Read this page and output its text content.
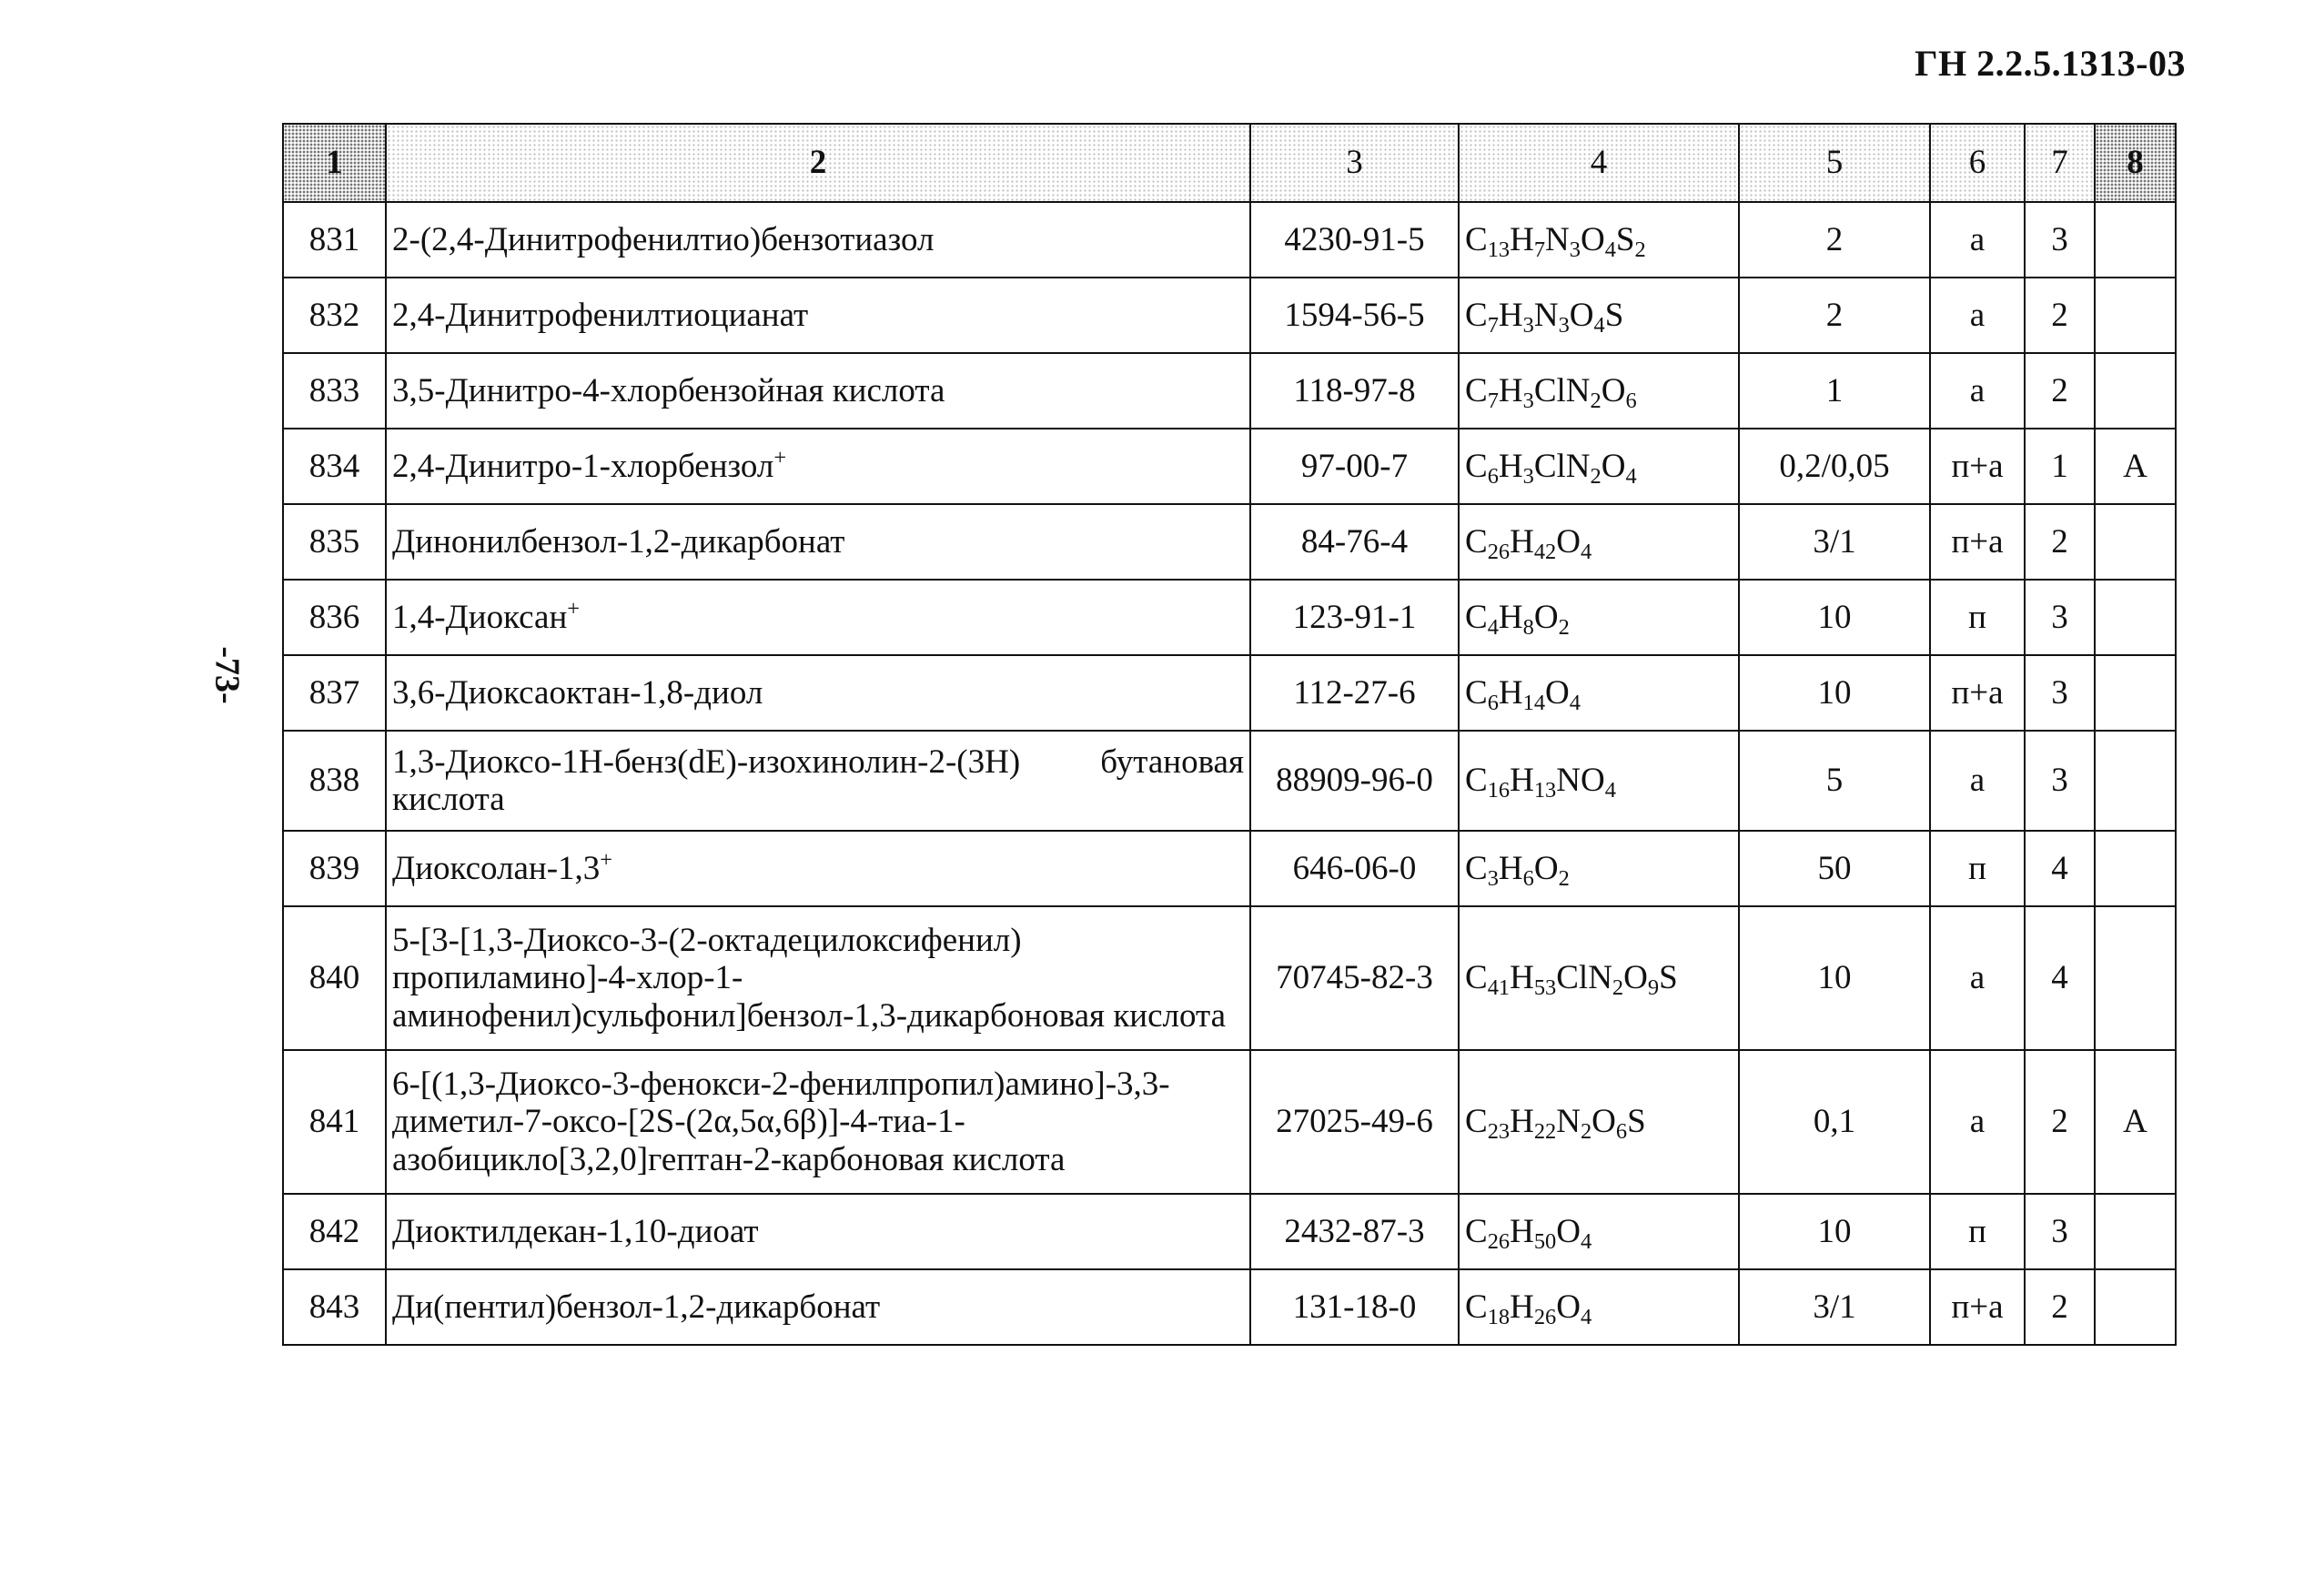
ГН 2.2.5.1313-03
-73-
1	2	3	4	5	6	7	8
831	2-(2,4-Динитрофенилтио)бензотиазол	4230-91-5	$C_{13}H_7N_3O_4S_2$	2	а	3	
832	2,4-Динитрофенилтиоцианат	1594-56-5	$C_7H_3N_3O_4S$	2	а	2	
833	3,5-Динитро-4-хлорбензойная кислота	118-97-8	$C_7H_3ClN_2O_6$	1	а	2	
834	2,4-Динитро-1-хлорбензол+	97-00-7	$C_6H_3ClN_2O_4$	0,2/0,05	п+а	1	А
835	Динонилбензол-1,2-дикарбонат	84-76-4	$C_{26}H_{42}O_4$	3/1	п+а	2	
836	1,4-Диоксан+	123-91-1	$C_4H_8O_2$	10	п	3	
837	3,6-Диоксаоктан-1,8-диол	112-27-6	$C_6H_{14}O_4$	10	п+а	3	
838	1,3-Диоксо-1Н-бенз(dЕ)-изохинолин-2-(3Н) бутановая кислота	88909-96-0	$C_{16}H_{13}NO_4$	5	а	3	
839	Диоксолан-1,3+	646-06-0	$C_3H_6O_2$	50	п	4	
840	5-[3-[1,3-Диоксо-3-(2-октадецилоксифенил) пропиламино]-4-хлор-1-аминофенил)сульфонил]бензол-1,3-дикарбоновая кислота	70745-82-3	$C_{41}H_{53}ClN_2O_9S$	10	а	4	
841	6-[(1,3-Диоксо-3-фенокси-2-фенилпропил)амино]-3,3-диметил-7-оксо-[2S-(2α,5α,6β)]-4-тиа-1-азобицикло[3,2,0]гептан-2-карбоновая кислота	27025-49-6	$C_{23}H_{22}N_2O_6S$	0,1	а	2	А
842	Диоктилдекан-1,10-диоат	2432-87-3	$C_{26}H_{50}O_4$	10	п	3	
843	Ди(пентил)бензол-1,2-дикарбонат	131-18-0	$C_{18}H_{26}O_4$	3/1	п+а	2	
